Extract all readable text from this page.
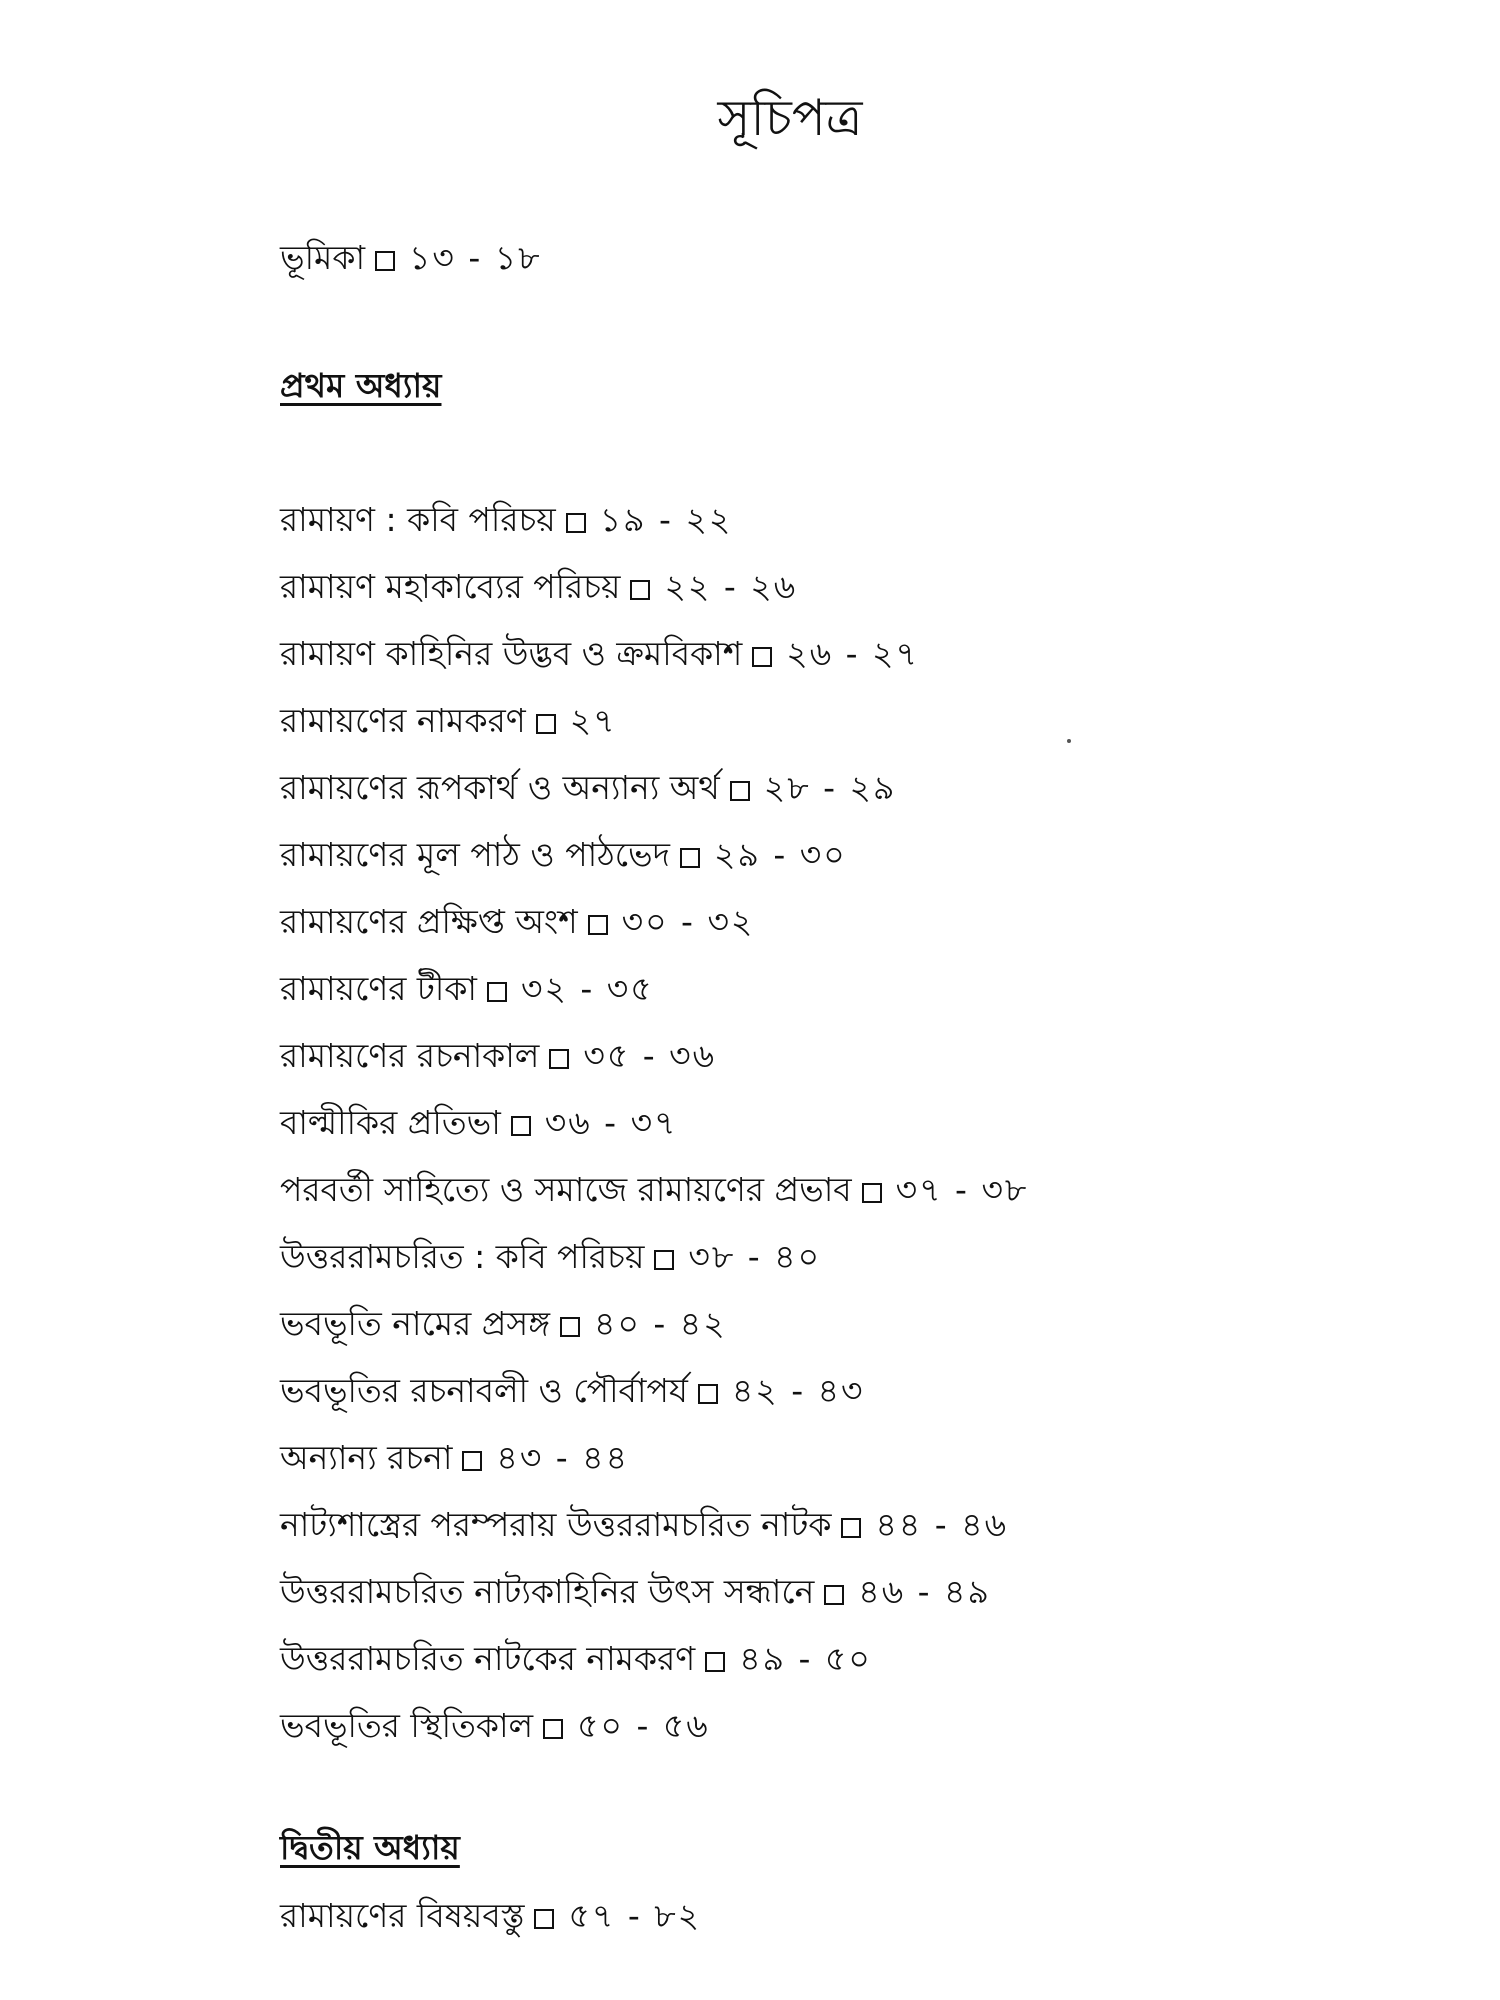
সূচিপত্র
ভূমিকা ১৩ - ১৮
প্রথম অধ্যায়
রামায়ণ : কবি পরিচয় ১৯ - ২২
রামায়ণ মহাকাব্যের পরিচয় ২২ - ২৬
রামায়ণ কাহিনির উদ্ভব ও ক্রমবিকাশ ২৬ - ২৭
রামায়ণের নামকরণ ২৭
রামায়ণের রূপকার্থ ও অন্যান্য অর্থ ২৮ - ২৯
রামায়ণের মূল পাঠ ও পাঠভেদ ২৯ - ৩০
রামায়ণের প্রক্ষিপ্ত অংশ ৩০ - ৩২
রামায়ণের টীকা ৩২ - ৩৫
রামায়ণের রচনাকাল ৩৫ - ৩৬
বাল্মীকির প্রতিভা ৩৬ - ৩৭
পরবর্তী সাহিত্যে ও সমাজে রামায়ণের প্রভাব ৩৭ - ৩৮
উত্তররামচরিত : কবি পরিচয় ৩৮ - ৪০
ভবভূতি নামের প্রসঙ্গ ৪০ - ৪২
ভবভূতির রচনাবলী ও পৌর্বাপর্য ৪২ - ৪৩
অন্যান্য রচনা ৪৩ - ৪৪
নাট্যশাস্ত্রের পরম্পরায় উত্তররামচরিত নাটক ৪৪ - ৪৬
উত্তররামচরিত নাট্যকাহিনির উৎস সন্ধানে ৪৬ - ৪৯
উত্তররামচরিত নাটকের নামকরণ ৪৯ - ৫০
ভবভূতির স্থিতিকাল ৫০ - ৫৬
দ্বিতীয় অধ্যায়
রামায়ণের বিষয়বস্তু ৫৭ - ৮২
